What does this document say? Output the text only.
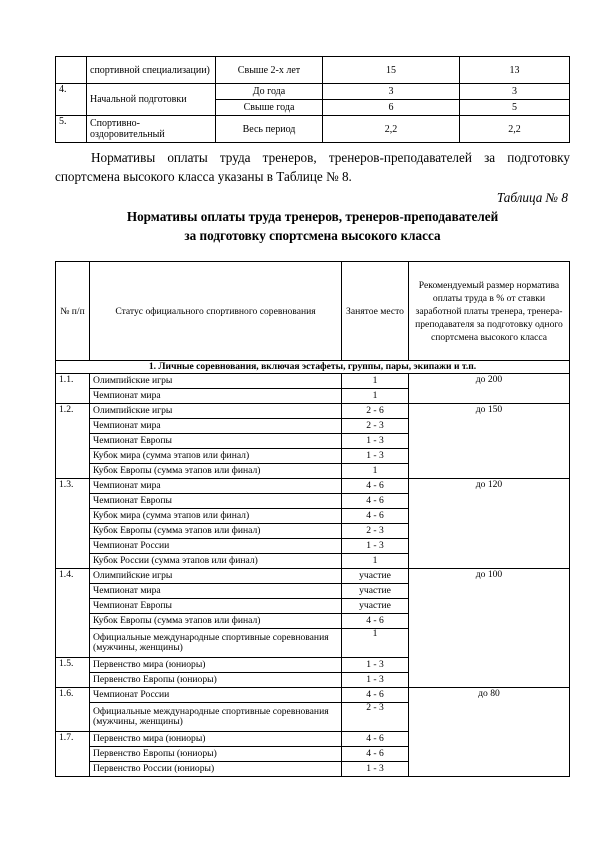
	спортивной специализации)	Свыше 2-х лет	15	13
4.	Начальной подготовки	До года	3	3
		Свыше года	6	5
5.	Спортивно-оздоровительный	Весь период	2,2	2,2
Нормативы оплаты труда тренеров, тренеров-преподавателей за подготовку спортсмена высокого класса указаны в Таблице № 8.
Таблица № 8
Нормативы оплаты труда тренеров, тренеров-преподавателей
за подготовку спортсмена высокого класса
№ п/п	Статус официального спортивного соревнования	Занятое место	Рекомендуемый размер норматива оплаты труда в % от ставки заработной платы тренера, тренера-преподавателя за подготовку одного спортсмена высокого класса
1. Личные соревнования, включая эстафеты, группы, пары, экипажи и т.п.			
1.1.	Олимпийские игры	1	до 200
	Чемпионат мира	1	
1.2.	Олимпийские игры	2 - 6	до 150
	Чемпионат мира	2 - 3	
	Чемпионат Европы	1 - 3	
	Кубок мира (сумма этапов или финал)	1 - 3	
	Кубок Европы (сумма этапов или финал)	1	
1.3.	Чемпионат мира	4 - 6	до 120
	Чемпионат Европы	4 - 6	
	Кубок мира (сумма этапов или финал)	4 - 6	
	Кубок Европы (сумма этапов или финал)	2 - 3	
	Чемпионат России	1 - 3	
	Кубок России (сумма этапов или финал)	1	
1.4.	Олимпийские игры	участие	до 100
	Чемпионат мира	участие	
	Чемпионат Европы	участие	
	Кубок Европы (сумма этапов или финал)	4 - 6	
	Официальные международные спортивные соревнования (мужчины, женщины)	1	
1.5.	Первенство мира (юниоры)	1 - 3	
	Первенство Европы (юниоры)	1 - 3	
1.6.	Чемпионат России	4 - 6	до 80
	Официальные международные спортивные соревнования (мужчины, женщины)	2 - 3	
1.7.	Первенство мира (юниоры)	4 - 6	
	Первенство Европы (юниоры)	4 - 6	
	Первенство России (юниоры)	1 - 3	
